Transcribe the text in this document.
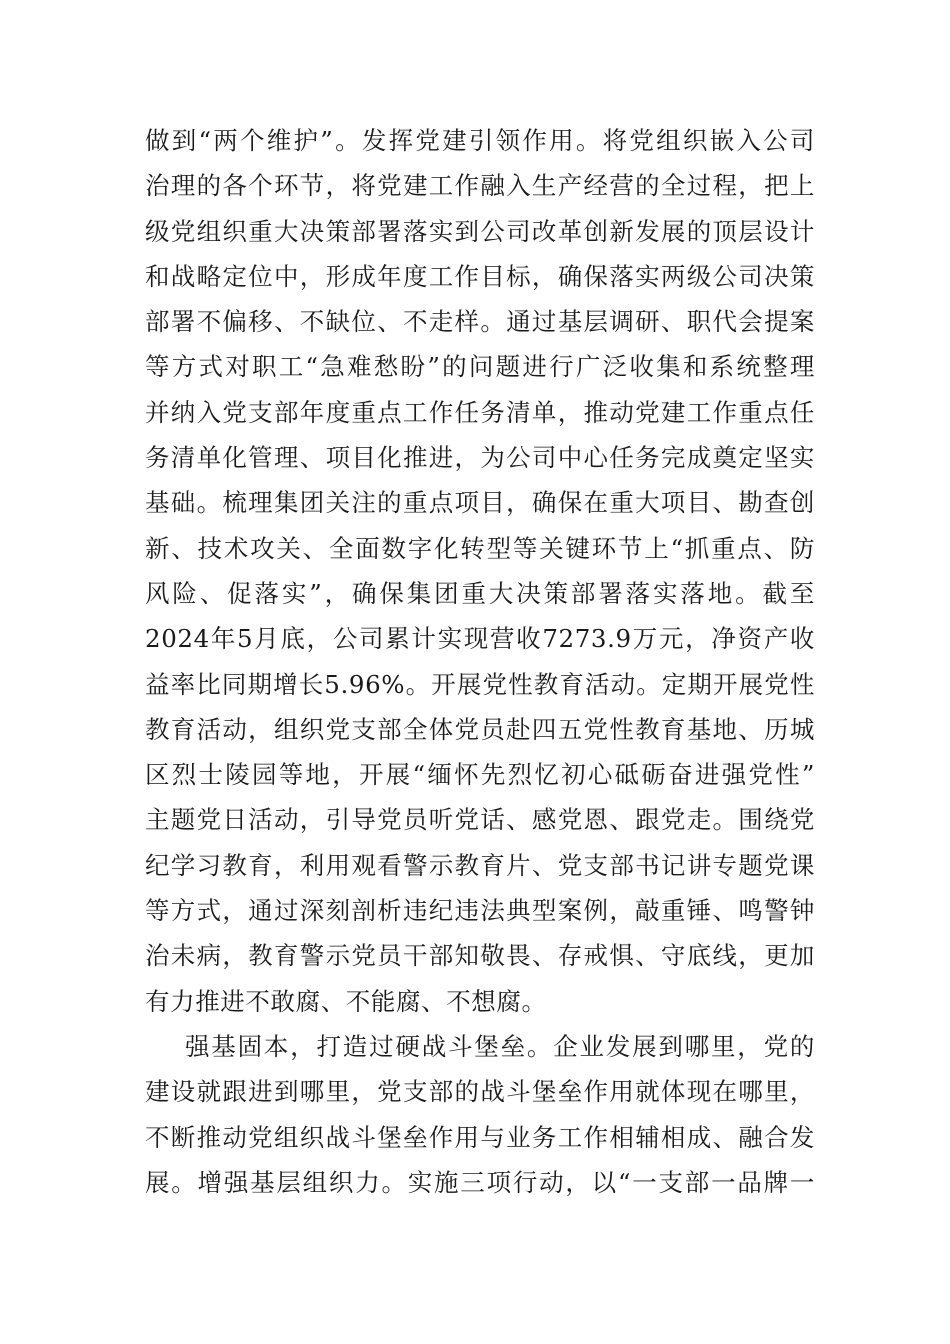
做到“两个维护”。发挥党建引领作用。将党组织嵌入公司
治理的各个环节，将党建工作融入生产经营的全过程，把上
级党组织重大决策部署落实到公司改革创新发展的顶层设计
和战略定位中，形成年度工作目标，确保落实两级公司决策
部署不偏移、不缺位、不走样。通过基层调研、职代会提案
等方式对职工“急难愁盼”的问题进行广泛收集和系统整理
并纳入党支部年度重点工作任务清单，推动党建工作重点任
务清单化管理、项目化推进，为公司中心任务完成奠定坚实
基础。梳理集团关注的重点项目，确保在重大项目、勘查创
新、技术攻关、全面数字化转型等关键环节上“抓重点、防
风险、促落实”，确保集团重大决策部署落实落地。截至
2024年5月底，公司累计实现营收7273.9万元，净资产收
益率比同期增长5.96%。开展党性教育活动。定期开展党性
教育活动，组织党支部全体党员赴四五党性教育基地、历城
区烈士陵园等地，开展“缅怀先烈忆初心砥砺奋进强党性”
主题党日活动，引导党员听党话、感党恩、跟党走。围绕党
纪学习教育，利用观看警示教育片、党支部书记讲专题党课
等方式，通过深刻剖析违纪违法典型案例，敲重锤、鸣警钟
治未病，教育警示党员干部知敬畏、存戒惧、守底线，更加
有力推进不敢腐、不能腐、不想腐。
强基固本，打造过硬战斗堡垒。企业发展到哪里，党的
建设就跟进到哪里，党支部的战斗堡垒作用就体现在哪里，
不断推动党组织战斗堡垒作用与业务工作相辅相成、融合发
展。增强基层组织力。实施三项行动，以“一支部一品牌一
